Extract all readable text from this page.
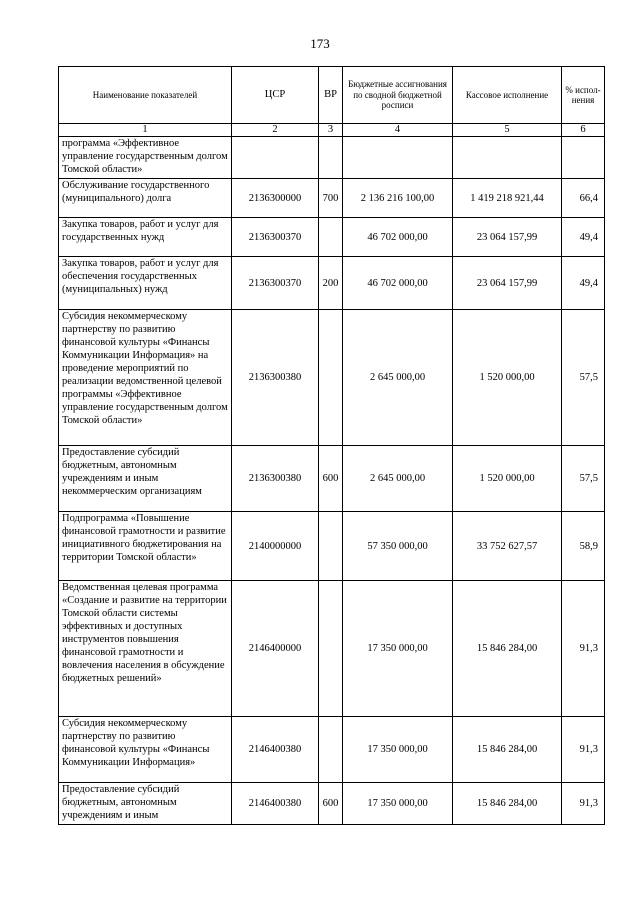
173
Наименование показателей	ЦСР	ВР	Бюджетные ассигнования по сводной бюджетной росписи	Кассовое исполнение	% испол-нения
1	2	3	4	5	6
программа «Эффективное управление государственным долгом Томской области»					
Обслуживание государственного (муниципального) долга	2136300000	700	2 136 216 100,00	1 419 218 921,44	66,4
Закупка товаров, работ и услуг для государственных нужд	2136300370		46 702 000,00	23 064 157,99	49,4
Закупка товаров, работ и услуг для обеспечения государственных (муниципальных) нужд	2136300370	200	46 702 000,00	23 064 157,99	49,4
Субсидия некоммерческому партнерству по развитию финансовой культуры «Финансы Коммуникации Информация» на проведение мероприятий по реализации ведомственной целевой программы «Эффективное управление государственным долгом Томской области»	2136300380		2 645 000,00	1 520 000,00	57,5
Предоставление субсидий бюджетным, автономным учреждениям и иным некоммерческим организациям	2136300380	600	2 645 000,00	1 520 000,00	57,5
Подпрограмма «Повышение финансовой грамотности и развитие инициативного бюджетирования на территории Томской области»	2140000000		57 350 000,00	33 752 627,57	58,9
Ведомственная целевая программа «Создание и развитие на территории Томской области системы эффективных и доступных инструментов повышения финансовой грамотности и вовлечения населения в обсуждение бюджетных решений»	2146400000		17 350 000,00	15 846 284,00	91,3
Субсидия некоммерческому партнерству по развитию финансовой культуры «Финансы Коммуникации Информация»	2146400380		17 350 000,00	15 846 284,00	91,3
Предоставление субсидий бюджетным, автономным учреждениям и иным	2146400380	600	17 350 000,00	15 846 284,00	91,3
